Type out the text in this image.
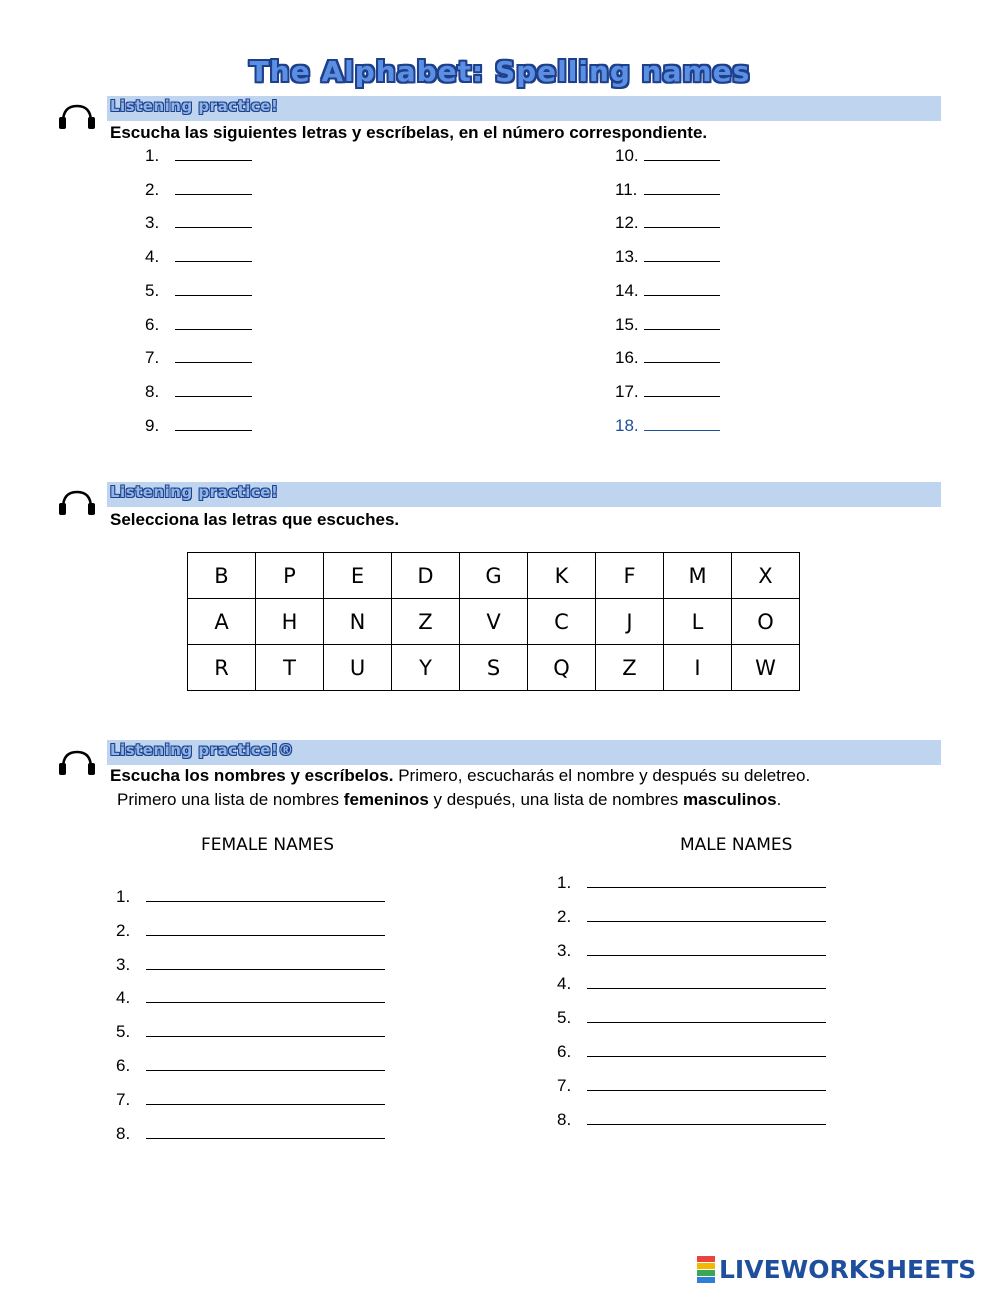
The Alphabet: Spelling names
Listening practice!
Escucha las siguientes letras y escríbelas, en el número correspondiente.
1.
2.
3.
4.
5.
6.
7.
8.
9.
10.
11.
12.
13.
14.
15.
16.
17.
18.
Listening practice!
Selecciona las letras que escuches.
B	P	E	D	G	K	F	M	X
A	H	N	Z	V	C	J	L	O
R	T	U	Y	S	Q	Z	I	W
Listening practice!®
Escucha los nombres y escríbelos. Primero, escucharás el nombre y después su deletreo.
Primero una lista de nombres femeninos y después, una lista de nombres masculinos.
FEMALE NAMES	MALE NAMES
1.
2.
3.
4.
5.
6.
7.
8.
1.
2.
3.
4.
5.
6.
7.
8.
LIVEWORKSHEETS
